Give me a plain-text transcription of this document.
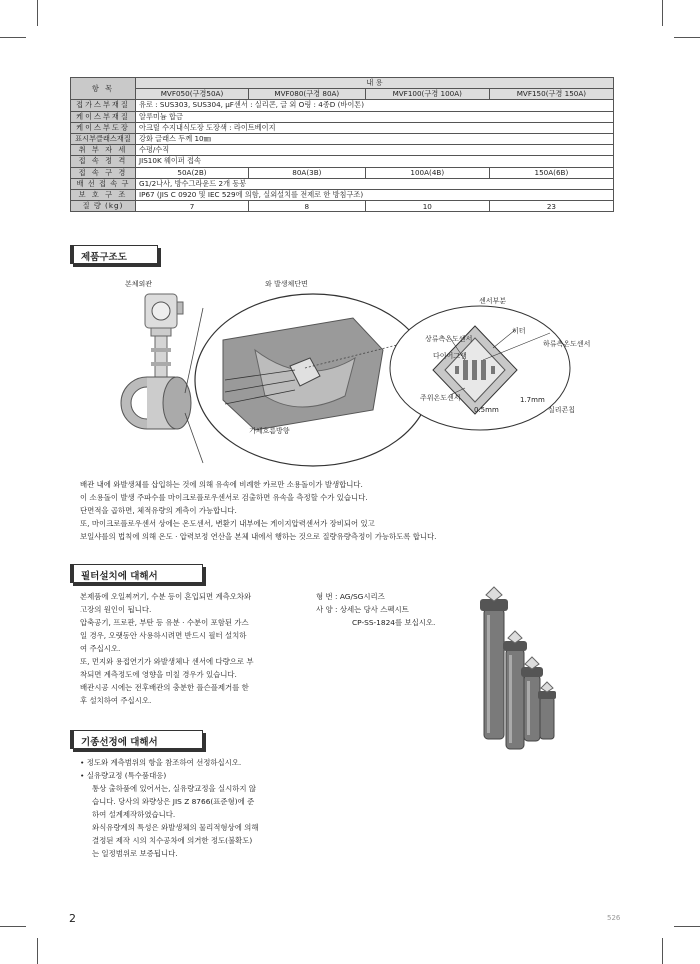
항 목	내 용			
	MVF050(구경50A)	MVF080(구경 80A)	MVF100(구경 100A)	MVF150(구경 150A)
접가스부재질	유로 : SUS303, SUS304, μF센서 : 실리콘, 글 외 O링 : 4종D (바이톤)			
케이스부재질	알루미늄 합금			
케이스부도장	아크릴 수지내식도장 도장색 : 라이트베이지			
표시부클래스재질	강화 글래스 두께 10㎜			
취 부 자 세	수평/수직			
접 속 정 격	JIS10K 웨이퍼 접속			
접 속 구 경	50A(2B)	80A(3B)	100A(4B)	150A(6B)
배 선 접 속 구	G1/2나사, 방수그라운드 2개 동봉			
보 호 구 조	IP67 (JIS C 0920 및 IEC 529에 의함, 실외설치를 전제로 한 방침구조)			
질 량 (kg)	7	8	10	23
제품구조도
본체외관	와 발생체단면
센서부분
히터
상류측온도센서
하류측온도센서
다이어그램
주위온도센서	1.7mm
0.5mm	실리콘칩
기체흐름방향

배관 내에 와발생체를 삽입하는 것에 의해 유속에 비례한 카르만 소용돌이가 발생합니다.

이 소용돌이 발생 주파수를 마이크로플로우센서로 검출하면 유속을 측정할 수가 있습니다.

단면적을 곱하면, 체적유량의 계측이 가능합니다.

또, 마이크로플로우센서 상에는 온도센서, 변환기 내부에는 게이지압력센서가 장비되어 있고

보일샤를의 법칙에 의해 온도 · 압력보정 연산을 본체 내에서 행하는 것으로 질량유량측정이 가능하도록 합니다.

필터설치에 대해서

본제품에 오일찌꺼기, 수분 등이 혼입되면 계측오차와

고장의 원인이 됩니다.

압축공기, 프로판, 부탄 등 유분 · 수분이 포함된 가스

일 경우, 오랫동안 사용하시려면 반드시 필터 설치하

여 주십시오.

또, 먼지와 용접연기가 와발생체나 센서에 다량으로 부

착되면 계측정도에 영향을 미칠 경우가 있습니다.

배관시공 시에는 전후배관의 충분한 플슨플제거를 한

후 설치하여 주십시오.

형 번 : AG/SG시리즈

사 양 : 상세는 당사 스펙시트

CP-SS-1824를 보십시오.

기종선정에 대해서

• 정도와 계측범위의 항을 참조하여 선정하십시오.

• 실유량교정 (특수품대응)

통상 출하품에 있어서는, 실유량교정을 실시하지 않

습니다. 당사의 와량상은 JIS Z 8766(표준형)에 준

하여 설계제작하였습니다.

와식유량계의 특성은 와발생체의 물리적형상에 의해

결정된 제작 시의 치수공차에 의거한 정도(불확도)

는 일정범위로 보증됩니다.

2	526
